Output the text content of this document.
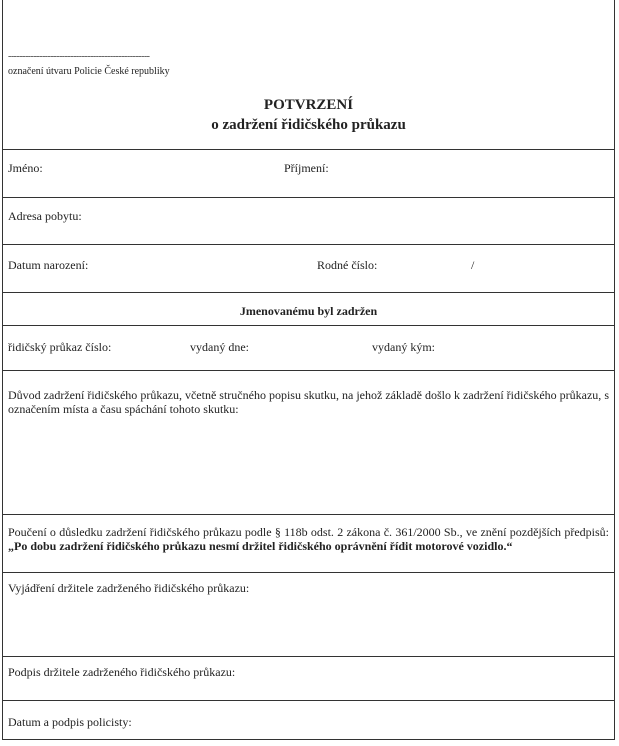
--------------------------------------------------
označení útvaru Policie České republiky
POTVRZENÍ
o zadržení řidičského průkazu
Jméno:	Příjmení:
Adresa pobytu:
Datum narození:	Rodné číslo:	/
Jmenovanému byl zadržen
řidičský průkaz číslo:	vydaný dne:	vydaný kým:
Důvod zadržení řidičského průkazu, včetně stručného popisu skutku, na jehož základě došlo k zadržení řidičského průkazu, s označením místa a času spáchání tohoto skutku:
Poučení o důsledku zadržení řidičského průkazu podle § 118b odst. 2 zákona č. 361/2000 Sb., ve znění pozdějších předpisů: „Po dobu zadržení řidičského průkazu nesmí držitel řidičského oprávnění řídit motorové vozidlo.“
Vyjádření držitele zadrženého řidičského průkazu:
Podpis držitele zadrženého řidičského průkazu:
Datum a podpis policisty:
